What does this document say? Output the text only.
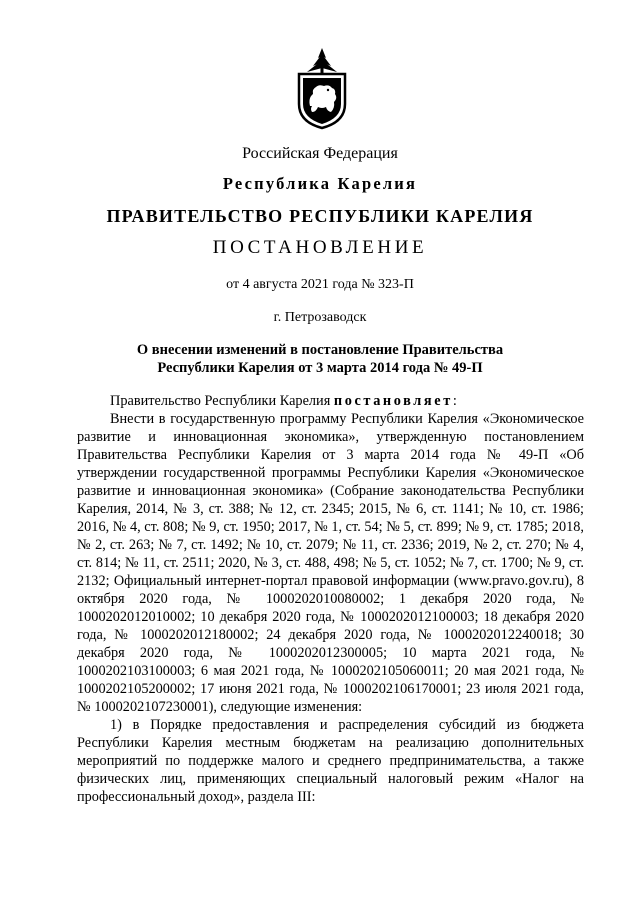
Российская Федерация
Республика Карелия
ПРАВИТЕЛЬСТВО РЕСПУБЛИКИ КАРЕЛИЯ
ПОСТАНОВЛЕНИЕ
от 4 августа 2021 года № 323-П
г. Петрозаводск
О внесении изменений в постановление Правительства
Республики Карелия от 3 марта 2014 года № 49-П

Правительство Республики Карелия постановляет:

Внести в государственную программу Республики Карелия «Экономическое развитие и инновационная экономика», утвержденную постановлением Правительства Республики Карелия от 3 марта 2014 года № 49-П «Об утверждении государственной программы Республики Карелия «Экономическое развитие и инновационная экономика» (Собрание законодательства Республики Карелия, 2014, № 3, ст. 388; № 12, ст. 2345; 2015, № 6, ст. 1141; № 10, ст. 1986; 2016, № 4, ст. 808; № 9, ст. 1950; 2017, № 1, ст. 54; № 5, ст. 899; № 9, ст. 1785; 2018, № 2, ст. 263; № 7, ст. 1492; № 10, ст. 2079; № 11, ст. 2336; 2019, № 2, ст. 270; № 4, ст. 814; № 11, ст. 2511; 2020, № 3, ст. 488, 498; № 5, ст. 1052; № 7, ст. 1700; № 9, ст. 2132; Официальный интернет-портал правовой информации (www.pravo.gov.ru), 8 октября 2020 года, № 1000202010080002; 1 декабря 2020 года, № 1000202012010002; 10 декабря 2020 года, № 1000202012100003; 18 декабря 2020 года, № 1000202012180002; 24 декабря 2020 года, № 1000202012240018; 30 декабря 2020 года, № 1000202012300005; 10 марта 2021 года, № 1000202103100003; 6 мая 2021 года, № 1000202105060011; 20 мая 2021 года, № 1000202105200002; 17 июня 2021 года, № 1000202106170001; 23 июля 2021 года, № 1000202107230001), следующие изменения:

1) в Порядке предоставления и распределения субсидий из бюджета Республики Карелия местным бюджетам на реализацию дополнительных мероприятий по поддержке малого и среднего предпринимательства, а также физических лиц, применяющих специальный налоговый режим «Налог на профессиональный доход», раздела III:
